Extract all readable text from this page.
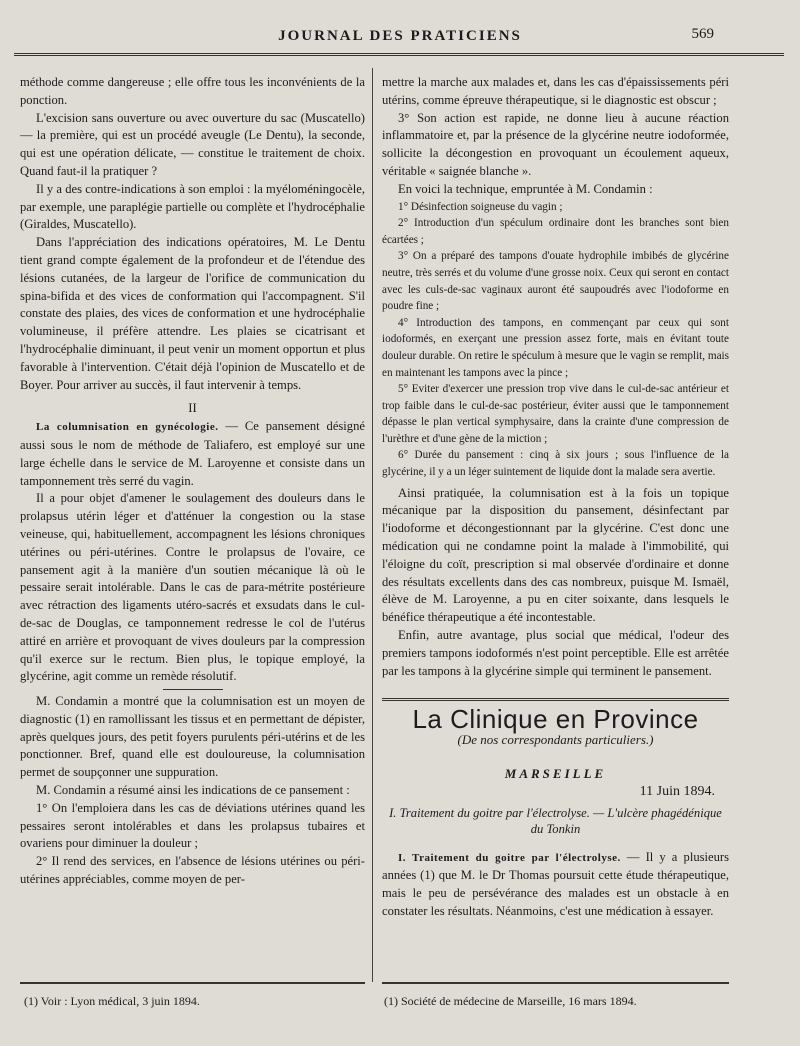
JOURNAL DES PRATICIENS	569

méthode comme dangereuse ; elle offre tous les inconvénients de la ponction.

L'excision sans ouverture ou avec ouverture du sac (Muscatello) — la première, qui est un procédé aveugle (Le Dentu), la seconde, qui est une opération délicate, — constitue le traitement de choix. Quand faut-il la pratiquer ?

Il y a des contre-indications à son emploi : la myéloméningocèle, par exemple, une paraplégie partielle ou complète et l'hydrocéphalie (Giraldes, Muscatello).

Dans l'appréciation des indications opératoires, M. Le Dentu tient grand compte également de la profondeur et de l'étendue des lésions cutanées, de la largeur de l'orifice de communication du spina-bifida et des vices de conformation qui l'accompagnent. S'il constate des plaies, des vices de conformation et une hydrocéphalie volumineuse, il préfère attendre. Les plaies se cicatrisant et l'hydrocéphalie diminuant, il peut venir un moment opportun et plus favorable à l'intervention. C'était déjà l'opinion de Muscatello et de Boyer. Pour arriver au succès, il faut intervenir à temps.

II

La columnisation en gynécologie. — Ce pansement désigné aussi sous le nom de méthode de Taliafero, est employé sur une large échelle dans le service de M. Laroyenne et consiste dans un tamponnement très serré du vagin.

Il a pour objet d'amener le soulagement des douleurs dans le prolapsus utérin léger et d'atténuer la congestion ou la stase veineuse, qui, habituellement, accompagnent les lésions chroniques utérines ou péri-utérines. Contre le prolapsus de l'ovaire, ce pansement agit à la manière d'un soutien mécanique là où le pessaire serait intolérable. Dans le cas de para-métrite postérieure avec rétraction des ligaments utéro-sacrés et exsudats dans le cul-de-sac de Douglas, ce tamponnement redresse le col de l'utérus attiré en arrière et provoquant de vives douleurs par la compression qu'il exerce sur le rectum. Bien plus, le topique employé, la glycérine, agit comme un remède résolutif.

M. Condamin a montré que la columnisation est un moyen de diagnostic (1) en ramollissant les tissus et en permettant de dépister, après quelques jours, des petit foyers purulents péri-utérins et de les ponctionner. Bref, quand elle est douloureuse, la columnisation permet de soupçonner une suppuration.

M. Condamin a résumé ainsi les indications de ce pansement :

1° On l'emploiera dans les cas de déviations utérines quand les pessaires seront intolérables et dans les prolapsus tubaires et ovariens pour diminuer la douleur ;

2° Il rend des services, en l'absence de lésions utérines ou péri-utérines appréciables, comme moyen de per-

mettre la marche aux malades et, dans les cas d'épaississements péri utérins, comme épreuve thérapeutique, si le diagnostic est obscur ;

3° Son action est rapide, ne donne lieu à aucune réaction inflammatoire et, par la présence de la glycérine neutre iodoformée, sollicite la décongestion en provoquant un écoulement aqueux, véritable « saignée blanche ».

En voici la technique, empruntée à M. Condamin :

1° Désinfection soigneuse du vagin ;

2° Introduction d'un spéculum ordinaire dont les branches sont bien écartées ;

3° On a préparé des tampons d'ouate hydrophile imbibés de glycérine neutre, très serrés et du volume d'une grosse noix. Ceux qui seront en contact avec les culs-de-sac vaginaux auront été saupoudrés avec l'iodoforme en poudre fine ;

4° Introduction des tampons, en commençant par ceux qui sont iodoformés, en exerçant une pression assez forte, mais en évitant toute douleur durable. On retire le spéculum à mesure que le vagin se remplit, mais en maintenant les tampons avec la pince ;

5° Eviter d'exercer une pression trop vive dans le cul-de-sac antérieur et trop faible dans le cul-de-sac postérieur, éviter aussi que le tamponnement dépasse le plan vertical symphysaire, dans la crainte d'une compression de l'urèthre et d'une gène de la miction ;

6° Durée du pansement : cinq à six jours ; sous l'influence de la glycérine, il y a un léger suintement de liquide dont la malade sera avertie.

Ainsi pratiquée, la columnisation est à la fois un topique mécanique par la disposition du pansement, désinfectant par l'iodoforme et décongestionnant par la glycérine. C'est donc une médication qui ne condamne point la malade à l'immobilité, qui l'éloigne du coït, prescription si mal observée d'ordinaire et donne des résultats excellents dans des cas nombreux, puisque M. Ismaël, élève de M. Laroyenne, a pu en citer soixante, dans lesquels le bénéfice thérapeutique a été incontestable.

Enfin, autre avantage, plus social que médical, l'odeur des premiers tampons iodoformés n'est point perceptible. Elle est arrêtée par les tampons à la glycérine simple qui terminent le pansement.

La Clinique en Province
(De nos correspondants particuliers.)
MARSEILLE
11 Juin 1894.
I. Traitement du goitre par l'électrolyse. — L'ulcère phagédénique du Tonkin

I. Traitement du goitre par l'électrolyse. — Il y a plusieurs années (1) que M. le Dr Thomas poursuit cette étude thérapeutique, mais le peu de persévérance des malades est un obstacle à en constater les résultats. Néanmoins, c'est une médication à essayer.

(1) Voir : Lyon médical, 3 juin 1894.	(1) Société de médecine de Marseille, 16 mars 1894.
